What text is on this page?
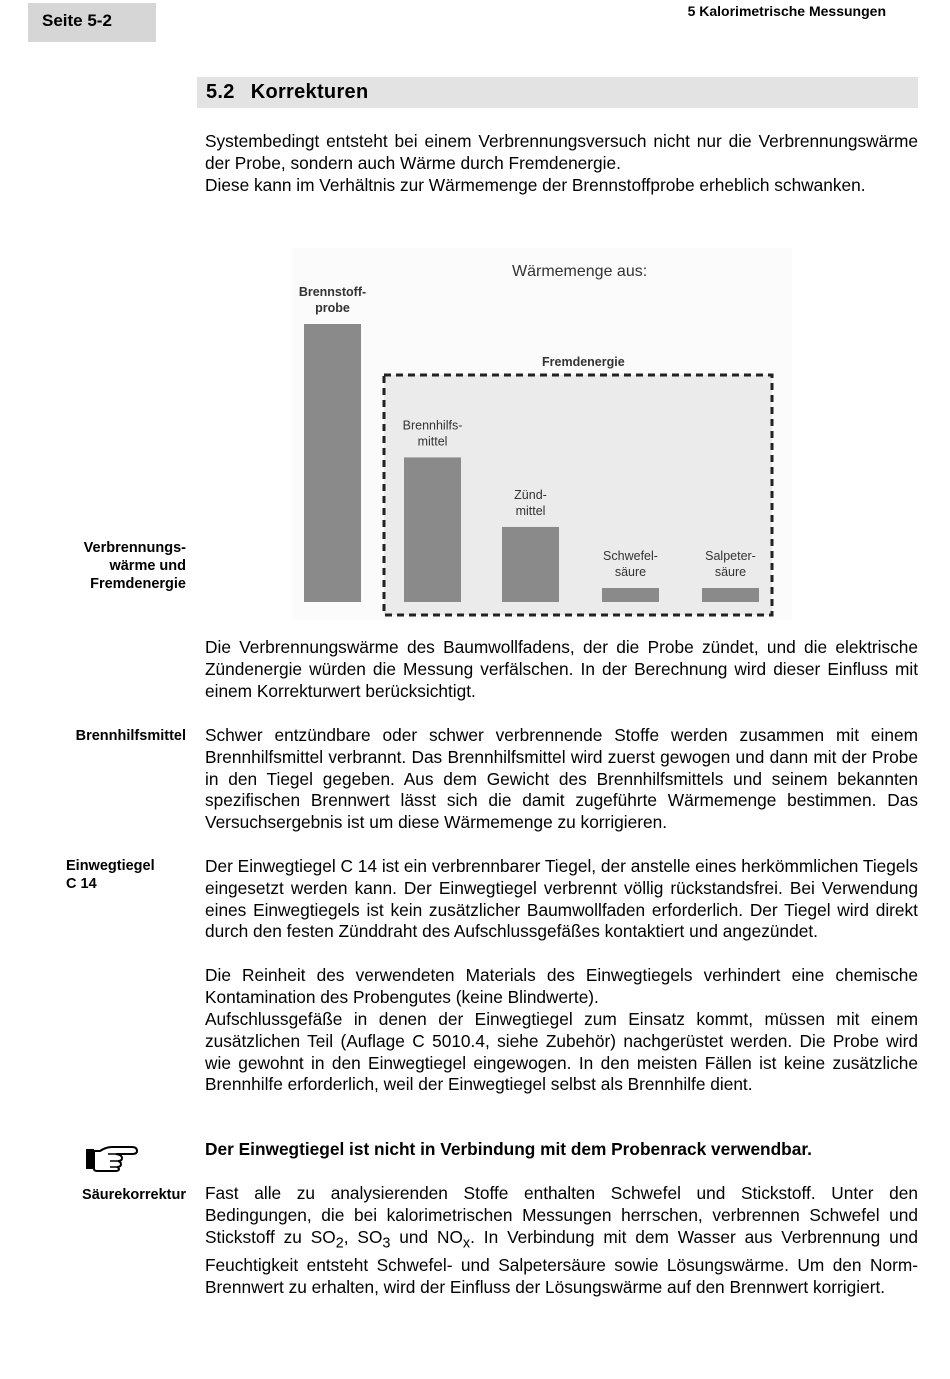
Seite 5-2	5 Kalorimetrische Messungen
5.2 Korrekturen

Systembedingt entsteht bei einem Verbrennungsversuch nicht nur die Verbrennungswärme der Probe, sondern auch Wärme durch Fremdenergie.

Diese kann im Verhältnis zur Wärmemenge der Brennstoffprobe erheblich schwanken.

Verbrennungs-
wärme und
Fremdenergie
Wärmemenge aus:
Fremdenergie
Brennstoff-
probe
Brennhilfs-
mittel
Zünd-
mittel
Schwefel-
säure
Salpeter-
säure

Die Verbrennungswärme des Baumwollfadens, der die Probe zündet, und die elektrische Zündenergie würden die Messung verfälschen. In der Berechnung wird dieser Einfluss mit einem Korrekturwert berücksichtigt.

Brennhilfsmittel Schwer entzündbare oder schwer verbrennende Stoffe werden zusammen mit einem Brennhilfsmittel verbrannt. Das Brennhilfsmittel wird zuerst gewogen und dann mit der Probe in den Tiegel gegeben. Aus dem Gewicht des Brennhilfsmittels und seinem bekannten spezifischen Brennwert lässt sich die damit zugeführte Wärmemenge bestimmen. Das Versuchsergebnis ist um diese Wärmemenge zu korrigieren.

Einwegtiegel
C 14

Der Einwegtiegel C 14 ist ein verbrennbarer Tiegel, der anstelle eines herkömmlichen Tiegels eingesetzt werden kann. Der Einwegtiegel verbrennt völlig rückstandsfrei. Bei Verwendung eines Einwegtiegels ist kein zusätzlicher Baumwollfaden erforderlich. Der Tiegel wird direkt durch den festen Zünddraht des Aufschlussgefäßes kontaktiert und angezündet.

Die Reinheit des verwendeten Materials des Einwegtiegels verhindert eine chemische Kontamination des Probengutes (keine Blindwerte).

Aufschlussgefäße in denen der Einwegtiegel zum Einsatz kommt, müssen mit einem zusätzlichen Teil (Auflage C 5010.4, siehe Zubehör) nachgerüstet werden. Die Probe wird wie gewohnt in den Einwegtiegel eingewogen. In den meisten Fällen ist keine zusätzliche Brennhilfe erforderlich, weil der Einwegtiegel selbst als Brennhilfe dient.

Der Einwegtiegel ist nicht in Verbindung mit dem Probenrack verwendbar.

Säurekorrektur Fast alle zu analysierenden Stoffe enthalten Schwefel und Stickstoff. Unter den Bedingungen, die bei kalorimetrischen Messungen herrschen, verbrennen Schwefel und Stickstoff zu $SO_2$, $SO_3$ und $NO_x$. In Verbindung mit dem Wasser aus Verbrennung und Feuchtigkeit entsteht Schwefel- und Salpetersäure sowie Lösungswärme. Um den Norm-Brennwert zu erhalten, wird der Einfluss der Lösungswärme auf den Brennwert korrigiert.
